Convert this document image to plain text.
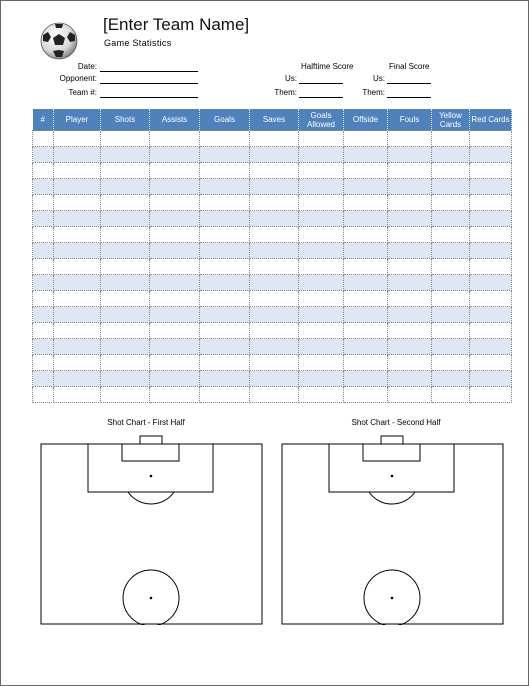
[Enter Team Name]
Game Statistics
Date:
Opponent:
Team #:
Halftime Score
Us:
Them:
Final Score
Us:
Them:
#	Player	Shots	Assists	Goals	Saves	Goals Allowed	Offside	Fouls	Yellow Cards	Red Cards

Shot Chart - First Half	Shot Chart - Second Half
